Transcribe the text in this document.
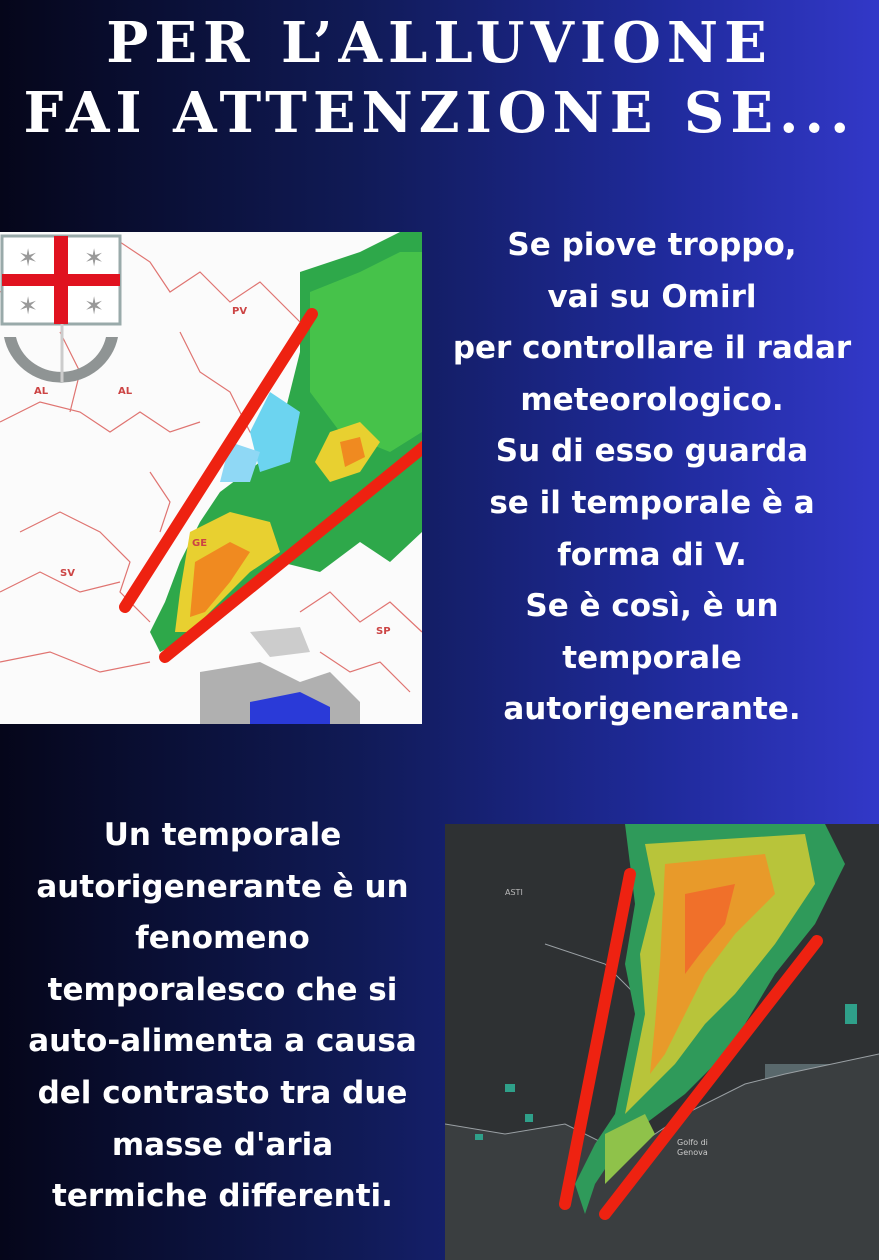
PER L’ALLUVIONE
FAI ATTENZIONE SE...
PV
AL	AL
GE
SV
SP
✶ ✶
✶ ✶
Se piove troppo,
vai su Omirl
per controllare il radar
meteorologico.
Su di esso guarda
se il temporale è a
forma di V.
Se è così, è un
temporale
autorigenerante.
Un temporale
autorigenerante è un
fenomeno
temporalesco che si
auto-alimenta a causa
del contrasto tra due
masse d'aria
termiche differenti.
ASTI
Golfo di Genova
